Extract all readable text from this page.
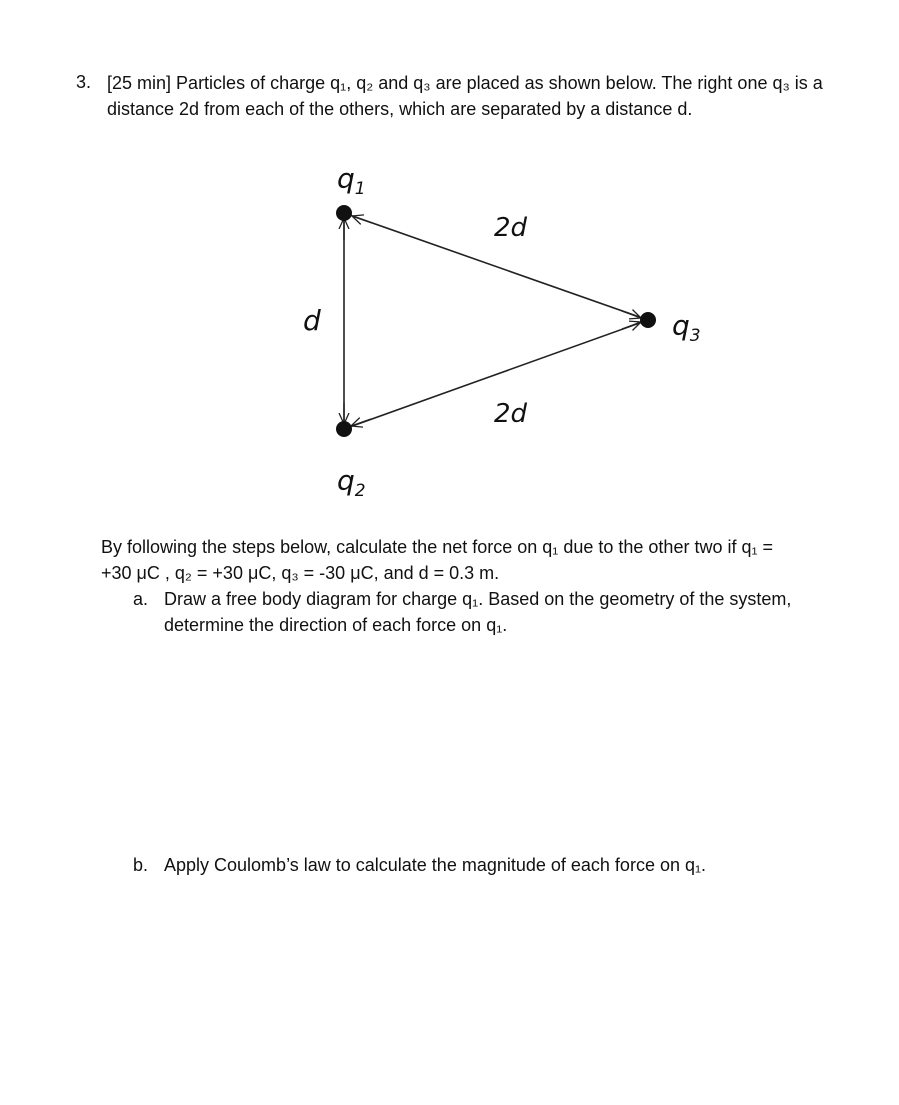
3. [25 min] Particles of charge q₁, q₂ and q₃ are placed as shown below. The right one q₃ is a
distance 2d from each of the others, which are separated by a distance d.
$q_1$
$q_2$
$q_3$
2d
2d
d
By following the steps below, calculate the net force on q₁ due to the other two if q₁ =
+30 μC , q₂ = +30 μC, q₃ = -30 μC, and d = 0.3 m.
a. Draw a free body diagram for charge q₁. Based on the geometry of the system,
determine the direction of each force on q₁.
b. Apply Coulomb’s law to calculate the magnitude of each force on q₁.
